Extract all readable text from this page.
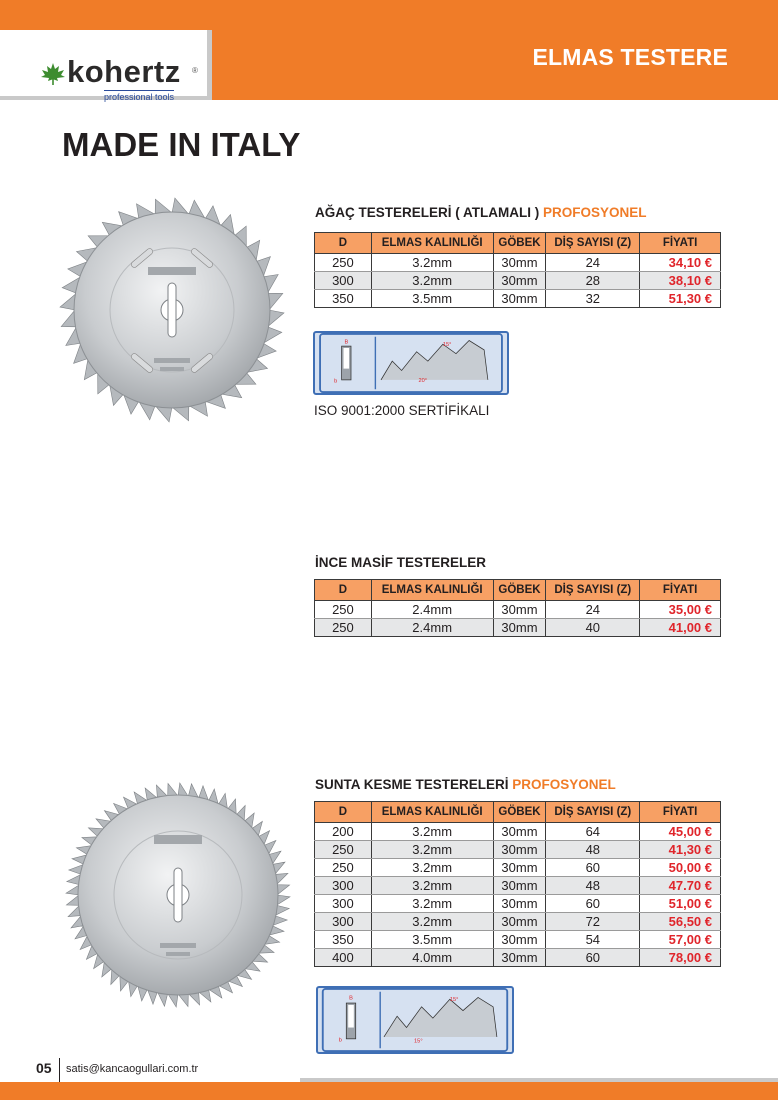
kohertz ®
professional tools
ELMAS TESTERE
MADE IN ITALY
AĞAÇ TESTERELERİ ( ATLAMALI ) PROFOSYONEL
D	ELMAS KALINLIĞI	GÖBEK	DİŞ SAYISI (Z)	FİYATI
250	3.2mm	30mm	24	34,10 €
300	3.2mm	30mm	28	38,10 €
350	3.5mm	30mm	32	51,30 €
B
b
15°
20°
ISO 9001:2000 SERTİFİKALI
İNCE MASİF TESTERELER
D	ELMAS KALINLIĞI	GÖBEK	DİŞ SAYISI (Z)	FİYATI
250	2.4mm	30mm	24	35,00 €
250	2.4mm	30mm	40	41,00 €
SUNTA KESME TESTERELERİ PROFOSYONEL
D	ELMAS KALINLIĞI	GÖBEK	DİŞ SAYISI (Z)	FİYATI
200	3.2mm	30mm	64	45,00 €
250	3.2mm	30mm	48	41,30 €
250	3.2mm	30mm	60	50,00 €
300	3.2mm	30mm	48	47.70 €
300	3.2mm	30mm	60	51,00 €
300	3.2mm	30mm	72	56,50 €
350	3.5mm	30mm	54	57,00 €
400	4.0mm	30mm	60	78,00 €
B
b
15°
15°
05 satis@kancaogullari.com.tr
